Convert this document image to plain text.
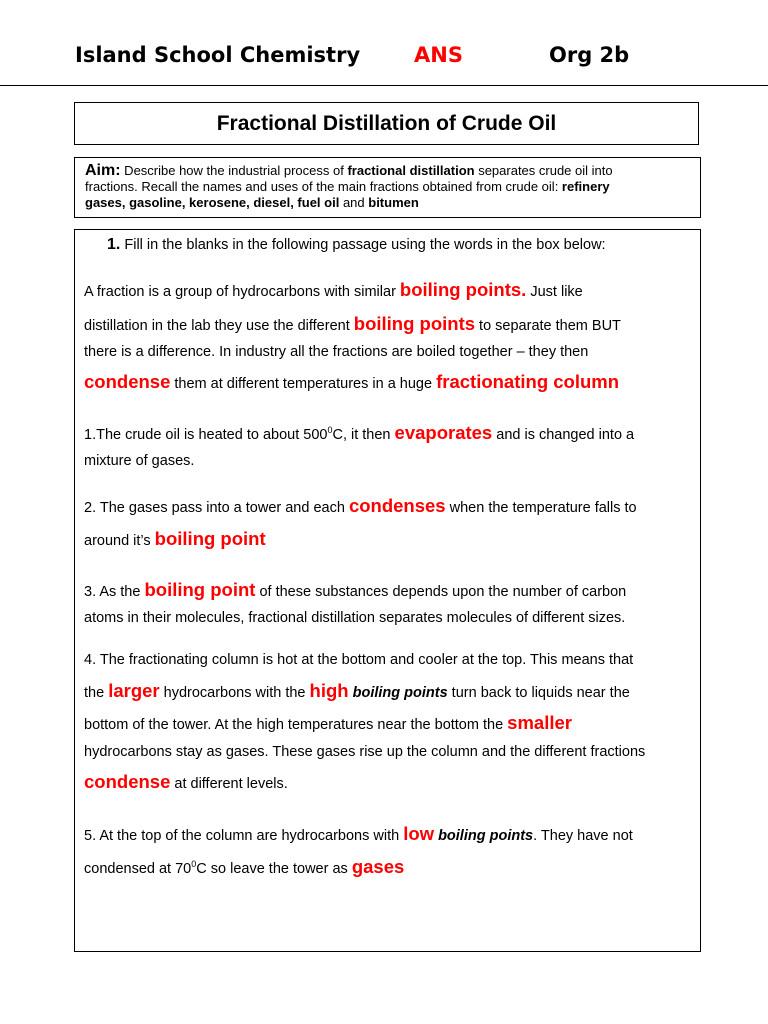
Island School Chemistry	ANS	Org 2b
Fractional Distillation of Crude Oil
Aim: Describe how the industrial process of fractional distillation separates crude oil into
fractions. Recall the names and uses of the main fractions obtained from crude oil: refinery
gases, gasoline, kerosene, diesel, fuel oil and bitumen
1. Fill in the blanks in the following passage using the words in the box below:
A fraction is a group of hydrocarbons with similar boiling points. Just like
distillation in the lab they use the different boiling points to separate them BUT
there is a difference. In industry all the fractions are boiled together – they then
condense them at different temperatures in a huge fractionating column
1.The crude oil is heated to about $500^0C$, it then evaporates and is changed into a
mixture of gases.
2. The gases pass into a tower and each condenses when the temperature falls to
around it’s boiling point
3. As the boiling point of these substances depends upon the number of carbon
atoms in their molecules, fractional distillation separates molecules of different sizes.
4. The fractionating column is hot at the bottom and cooler at the top. This means that
the larger hydrocarbons with the high boiling points turn back to liquids near the
bottom of the tower. At the high temperatures near the bottom the smaller
hydrocarbons stay as gases. These gases rise up the column and the different fractions
condense at different levels.
5. At the top of the column are hydrocarbons with low boiling points. They have not
condensed at $70^0C$ so leave the tower as gases
